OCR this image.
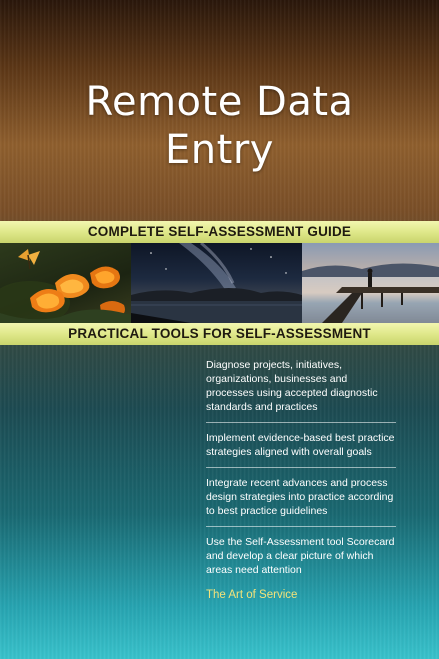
Remote Data
Entry
COMPLETE SELF-ASSESSMENT GUIDE
PRACTICAL TOOLS FOR SELF-ASSESSMENT
Diagnose projects, initiatives, organizations, businesses and processes using accepted diagnostic standards and practices
Implement evidence-based best practice strategies aligned with overall goals
Integrate recent advances and process design strategies into practice according to best practice guidelines
Use the Self-Assessment tool Scorecard and develop a clear picture of which areas need attention
The Art of Service
